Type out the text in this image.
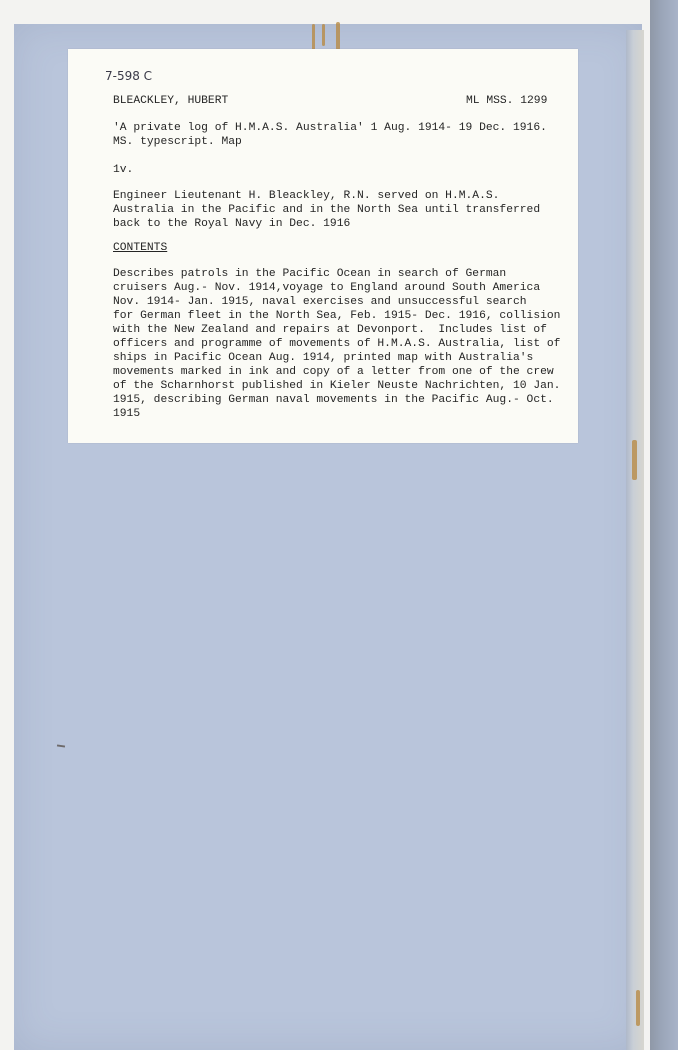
7-598 C
BLEACKLEY, HUBERT	ML MSS. 1299
'A private log of H.M.A.S. Australia' 1 Aug. 1914- 19 Dec. 1916.
MS. typescript. Map
1v.
Engineer Lieutenant H. Bleackley, R.N. served on H.M.A.S.
Australia in the Pacific and in the North Sea until transferred
back to the Royal Navy in Dec. 1916
CONTENTS
Describes patrols in the Pacific Ocean in search of German
cruisers Aug.- Nov. 1914,voyage to England around South America
Nov. 1914- Jan. 1915, naval exercises and unsuccessful search
for German fleet in the North Sea, Feb. 1915- Dec. 1916, collision
with the New Zealand and repairs at Devonport.  Includes list of
officers and programme of movements of H.M.A.S. Australia, list of
ships in Pacific Ocean Aug. 1914, printed map with Australia's
movements marked in ink and copy of a letter from one of the crew
of the Scharnhorst published in Kieler Neuste Nachrichten, 10 Jan.
1915, describing German naval movements in the Pacific Aug.- Oct.
1915
